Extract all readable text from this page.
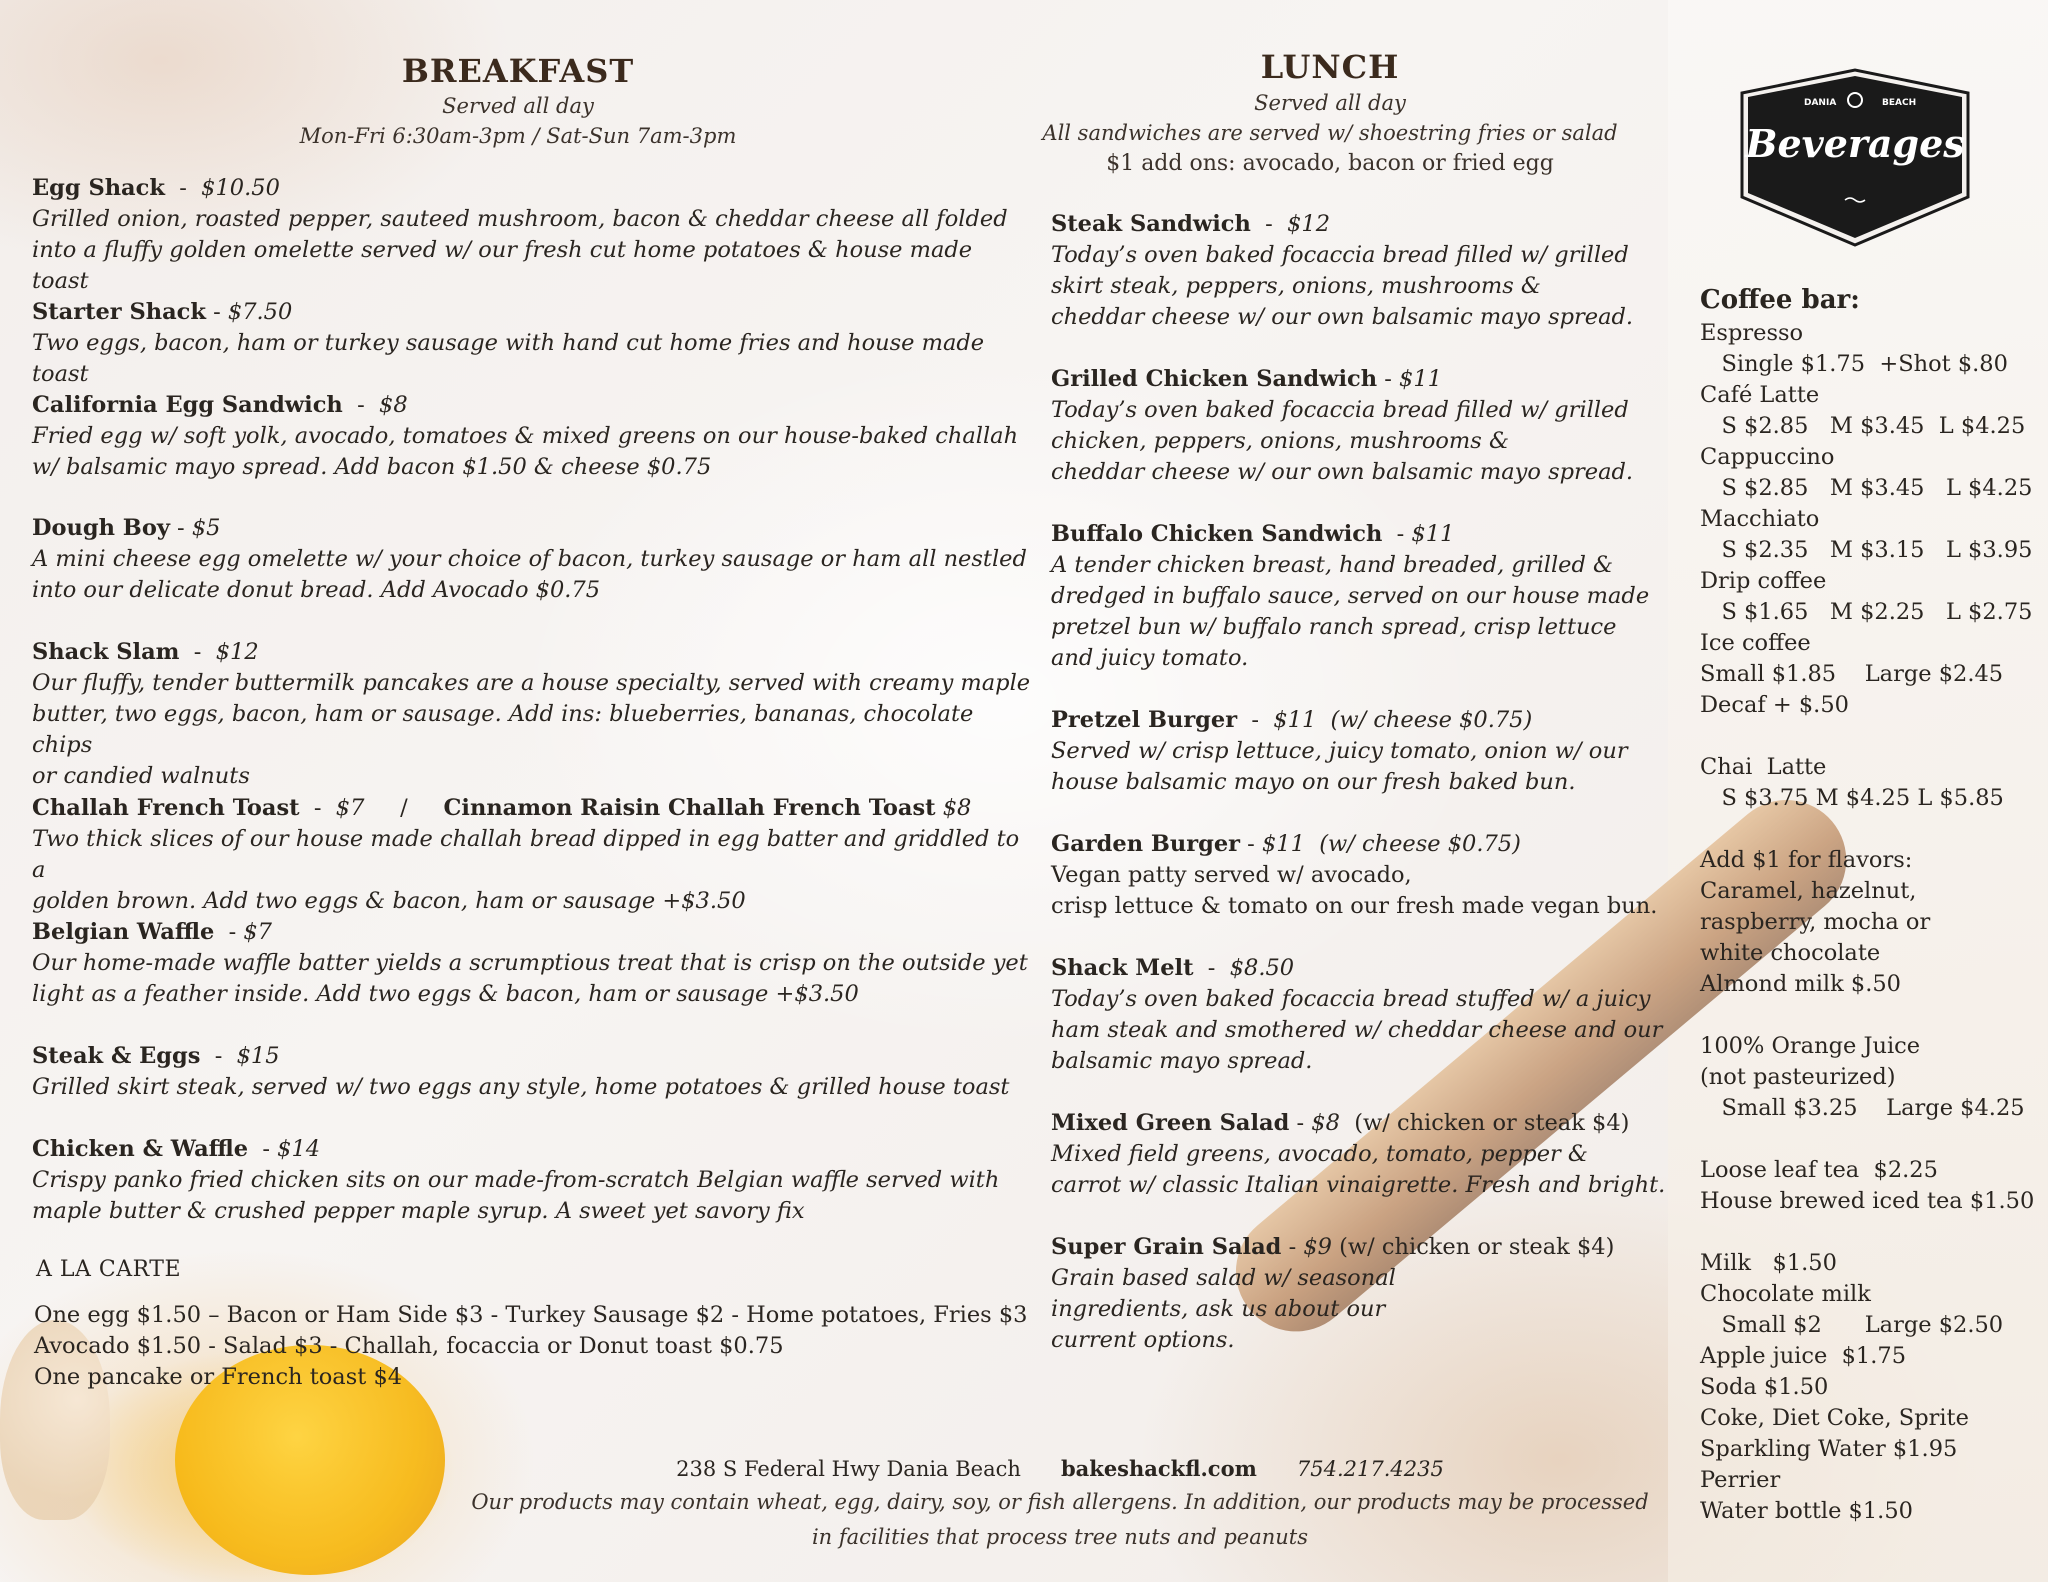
BREAKFAST
Served all day
Mon-Fri 6:30am-3pm / Sat-Sun 7am-3pm
Egg Shack  -  $10.50
Grilled onion, roasted pepper, sauteed mushroom, bacon & cheddar cheese all folded
into a fluffy golden omelette served w/ our fresh cut home potatoes & house made toast
Starter Shack - $7.50
Two eggs, bacon, ham or turkey sausage with hand cut home fries and house made toast
California Egg Sandwich  -  $8
Fried egg w/ soft yolk, avocado, tomatoes & mixed greens on our house-baked challah
w/ balsamic mayo spread. Add bacon $1.50 & cheese $0.75
Dough Boy - $5
A mini cheese egg omelette w/ your choice of bacon, turkey sausage or ham all nestled
into our delicate donut bread. Add Avocado $0.75
Shack Slam  -  $12
Our fluffy, tender buttermilk pancakes are a house specialty, served with creamy maple
butter, two eggs, bacon, ham or sausage. Add ins: blueberries, bananas, chocolate chips
or candied walnuts
Challah French Toast  -  $7     /     Cinnamon Raisin Challah French Toast $8
Two thick slices of our house made challah bread dipped in egg batter and griddled to a
golden brown. Add two eggs & bacon, ham or sausage +$3.50
Belgian Waffle  - $7
Our home-made waffle batter yields a scrumptious treat that is crisp on the outside yet
light as a feather inside. Add two eggs & bacon, ham or sausage +$3.50
Steak & Eggs  -  $15
Grilled skirt steak, served w/ two eggs any style, home potatoes & grilled house toast
Chicken & Waffle  - $14
Crispy panko fried chicken sits on our made-from-scratch Belgian waffle served with
maple butter & crushed pepper maple syrup. A sweet yet savory fix
A LA CARTE
One egg $1.50 – Bacon or Ham Side $3 - Turkey Sausage $2 - Home potatoes, Fries $3
Avocado $1.50 - Salad $3 - Challah, focaccia or Donut toast $0.75
One pancake or French toast $4
LUNCH
Served all day
All sandwiches are served w/ shoestring fries or salad
$1 add ons: avocado, bacon or fried egg
Steak Sandwich  -  $12
Today’s oven baked focaccia bread filled w/ grilled
skirt steak, peppers, onions, mushrooms &
cheddar cheese w/ our own balsamic mayo spread.
Grilled Chicken Sandwich - $11
Today’s oven baked focaccia bread filled w/ grilled
chicken, peppers, onions, mushrooms &
cheddar cheese w/ our own balsamic mayo spread.
Buffalo Chicken Sandwich  - $11
A tender chicken breast, hand breaded, grilled &
dredged in buffalo sauce, served on our house made
pretzel bun w/ buffalo ranch spread, crisp lettuce
and juicy tomato.
Pretzel Burger  -  $11  (w/ cheese $0.75)
Served w/ crisp lettuce, juicy tomato, onion w/ our
house balsamic mayo on our fresh baked bun.
Garden Burger - $11  (w/ cheese $0.75)
Vegan patty served w/ avocado,
crisp lettuce & tomato on our fresh made vegan bun.
Shack Melt  -  $8.50
Today’s oven baked focaccia bread stuffed w/ a juicy
ham steak and smothered w/ cheddar cheese and our
balsamic mayo spread.
Mixed Green Salad - $8  (w/ chicken or steak $4)
Mixed field greens, avocado, tomato, pepper &
carrot w/ classic Italian vinaigrette. Fresh and bright.
Super Grain Salad - $9 (w/ chicken or steak $4)
Grain based salad w/ seasonal
ingredients, ask us about our
current options.
DANIA	BEACH
Beverages
Coffee bar:
Espresso
Single $1.75  +Shot $.80
Café Latte
S $2.85   M $3.45  L $4.25
Cappuccino
S $2.85   M $3.45   L $4.25
Macchiato
S $2.35   M $3.15   L $3.95
Drip coffee
S $1.65   M $2.25   L $2.75
Ice coffee
Small $1.85    Large $2.45
Decaf + $.50
Chai  Latte
S $3.75 M $4.25 L $5.85
Add $1 for flavors:
Caramel, hazelnut,
raspberry, mocha or
white chocolate
Almond milk $.50
100% Orange Juice
(not pasteurized)
Small $3.25    Large $4.25
Loose leaf tea  $2.25
House brewed iced tea $1.50
Milk   $1.50
Chocolate milk
Small $2      Large $2.50
Apple juice  $1.75
Soda $1.50
Coke, Diet Coke, Sprite
Sparkling Water $1.95
Perrier
Water bottle $1.50
238 S Federal Hwy Dania Beach bakeshackfl.com 754.217.4235
Our products may contain wheat, egg, dairy, soy, or fish allergens. In addition, our products may be processed
in facilities that process tree nuts and peanuts
